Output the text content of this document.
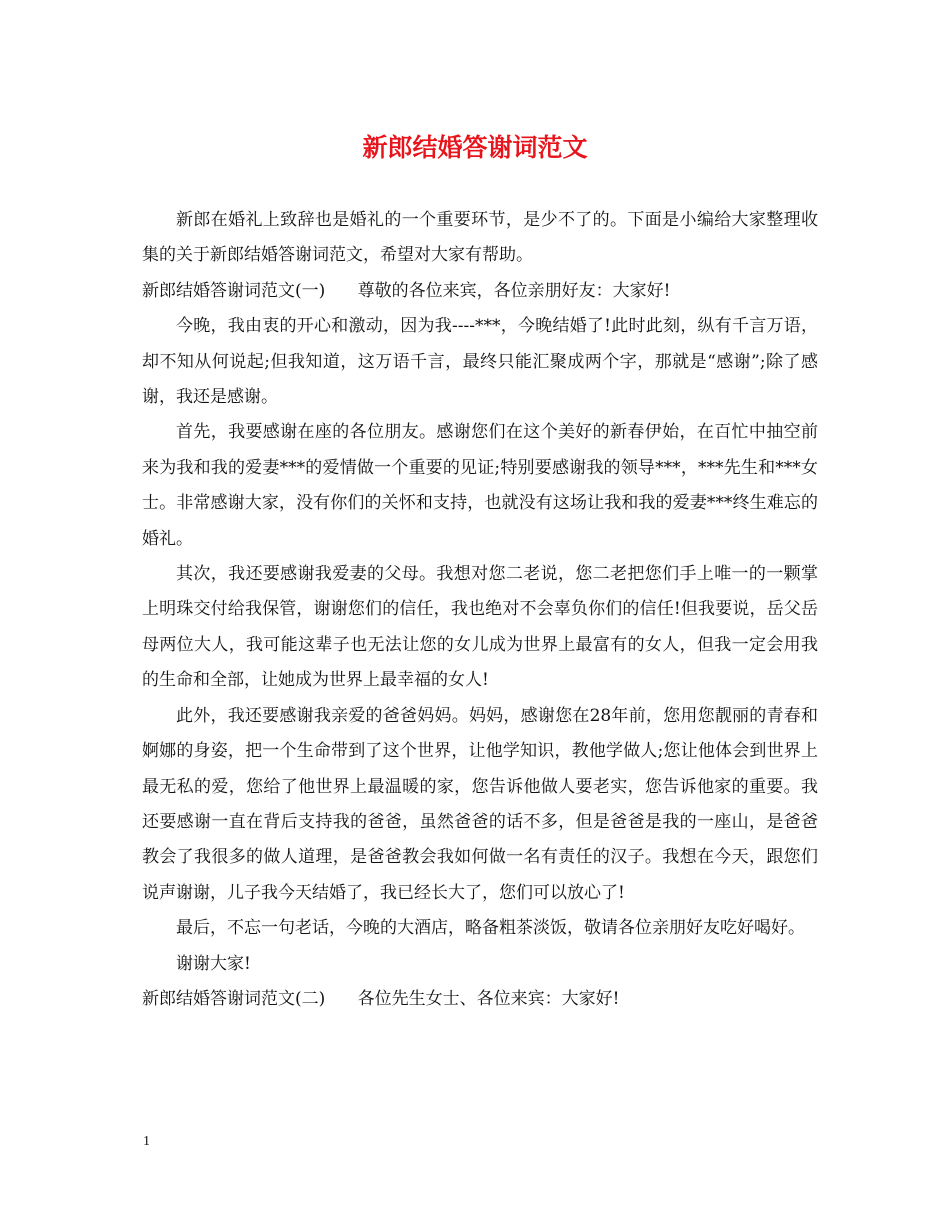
新郎结婚答谢词范文

新郎在婚礼上致辞也是婚礼的一个重要环节，是少不了的。下面是小编给大家整理收集的关于新郎结婚答谢词范文，希望对大家有帮助。

新郎结婚答谢词范文(一)      尊敬的各位来宾，各位亲朋好友：大家好!

今晚，我由衷的开心和激动，因为我----***，今晚结婚了!此时此刻，纵有千言万语，却不知从何说起;但我知道，这万语千言，最终只能汇聚成两个字，那就是“感谢”;除了感谢，我还是感谢。

首先，我要感谢在座的各位朋友。感谢您们在这个美好的新春伊始，在百忙中抽空前来为我和我的爱妻***的爱情做一个重要的见证;特别要感谢我的领导***，***先生和***女士。非常感谢大家，没有你们的关怀和支持，也就没有这场让我和我的爱妻***终生难忘的婚礼。

其次，我还要感谢我爱妻的父母。我想对您二老说，您二老把您们手上唯一的一颗掌上明珠交付给我保管，谢谢您们的信任，我也绝对不会辜负你们的信任!但我要说，岳父岳母两位大人，我可能这辈子也无法让您的女儿成为世界上最富有的女人，但我一定会用我的生命和全部，让她成为世界上最幸福的女人!

此外，我还要感谢我亲爱的爸爸妈妈。妈妈，感谢您在28年前，您用您靓丽的青春和婀娜的身姿，把一个生命带到了这个世界，让他学知识，教他学做人;您让他体会到世界上最无私的爱，您给了他世界上最温暖的家，您告诉他做人要老实，您告诉他家的重要。我还要感谢一直在背后支持我的爸爸，虽然爸爸的话不多，但是爸爸是我的一座山，是爸爸教会了我很多的做人道理，是爸爸教会我如何做一名有责任的汉子。我想在今天，跟您们说声谢谢，儿子我今天结婚了，我已经长大了，您们可以放心了!

最后，不忘一句老话，今晚的大酒店，略备粗茶淡饭，敬请各位亲朋好友吃好喝好。

谢谢大家!

新郎结婚答谢词范文(二)      各位先生女士、各位来宾：大家好!

1
